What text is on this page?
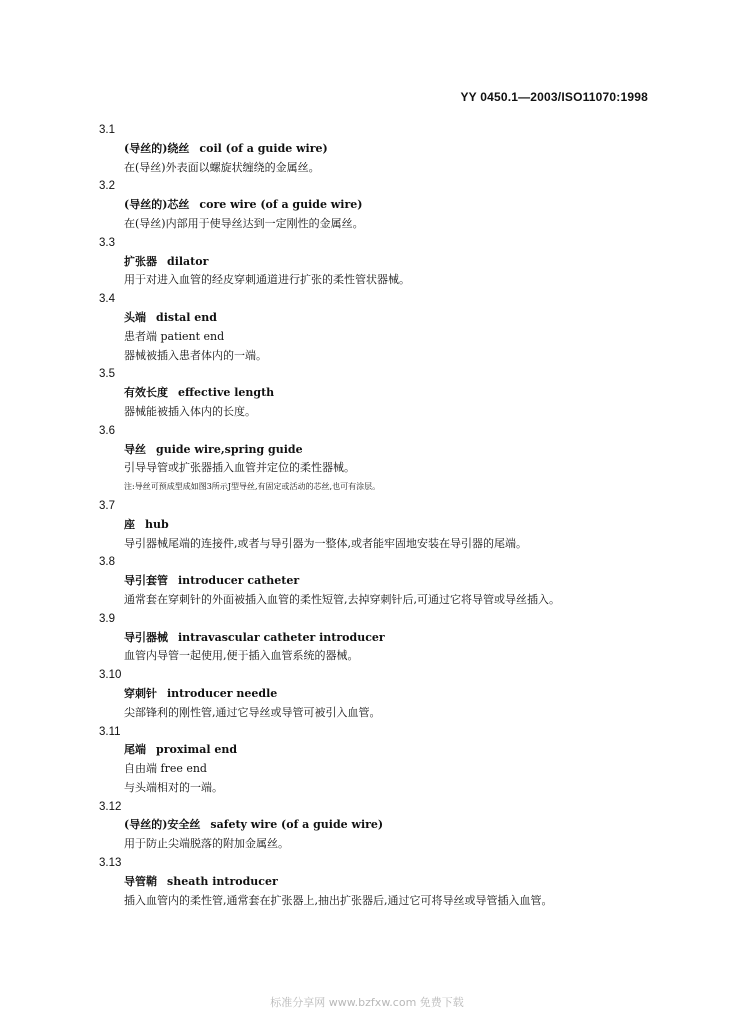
YY 0450.1—2003/ISO11070:1998
3.1
(导丝的)绕丝 coil (of a guide wire)
在(导丝)外表面以螺旋状缠绕的金属丝。
3.2
(导丝的)芯丝 core wire (of a guide wire)
在(导丝)内部用于使导丝达到一定刚性的金属丝。
3.3
扩张器 dilator
用于对进入血管的经皮穿刺通道进行扩张的柔性管状器械。
3.4
头端 distal end
患者端 patient end
器械被插入患者体内的一端。
3.5
有效长度 effective length
器械能被插入体内的长度。
3.6
导丝 guide wire,spring guide
引导导管或扩张器插入血管并定位的柔性器械。
注:导丝可预成型成如图3所示J型导丝,有固定或活动的芯丝,也可有涂层。
3.7
座 hub
导引器械尾端的连接件,或者与导引器为一整体,或者能牢固地安装在导引器的尾端。
3.8
导引套管 introducer catheter
通常套在穿刺针的外面被插入血管的柔性短管,去掉穿刺针后,可通过它将导管或导丝插入。
3.9
导引器械 intravascular catheter introducer
血管内导管一起使用,便于插入血管系统的器械。
3.10
穿刺针 introducer needle
尖部锋利的刚性管,通过它导丝或导管可被引入血管。
3.11
尾端 proximal end
自由端 free end
与头端相对的一端。
3.12
(导丝的)安全丝 safety wire (of a guide wire)
用于防止尖端脱落的附加金属丝。
3.13
导管鞘 sheath introducer
插入血管内的柔性管,通常套在扩张器上,抽出扩张器后,通过它可将导丝或导管插入血管。
标准分享网 www.bzfxw.com 免费下载
